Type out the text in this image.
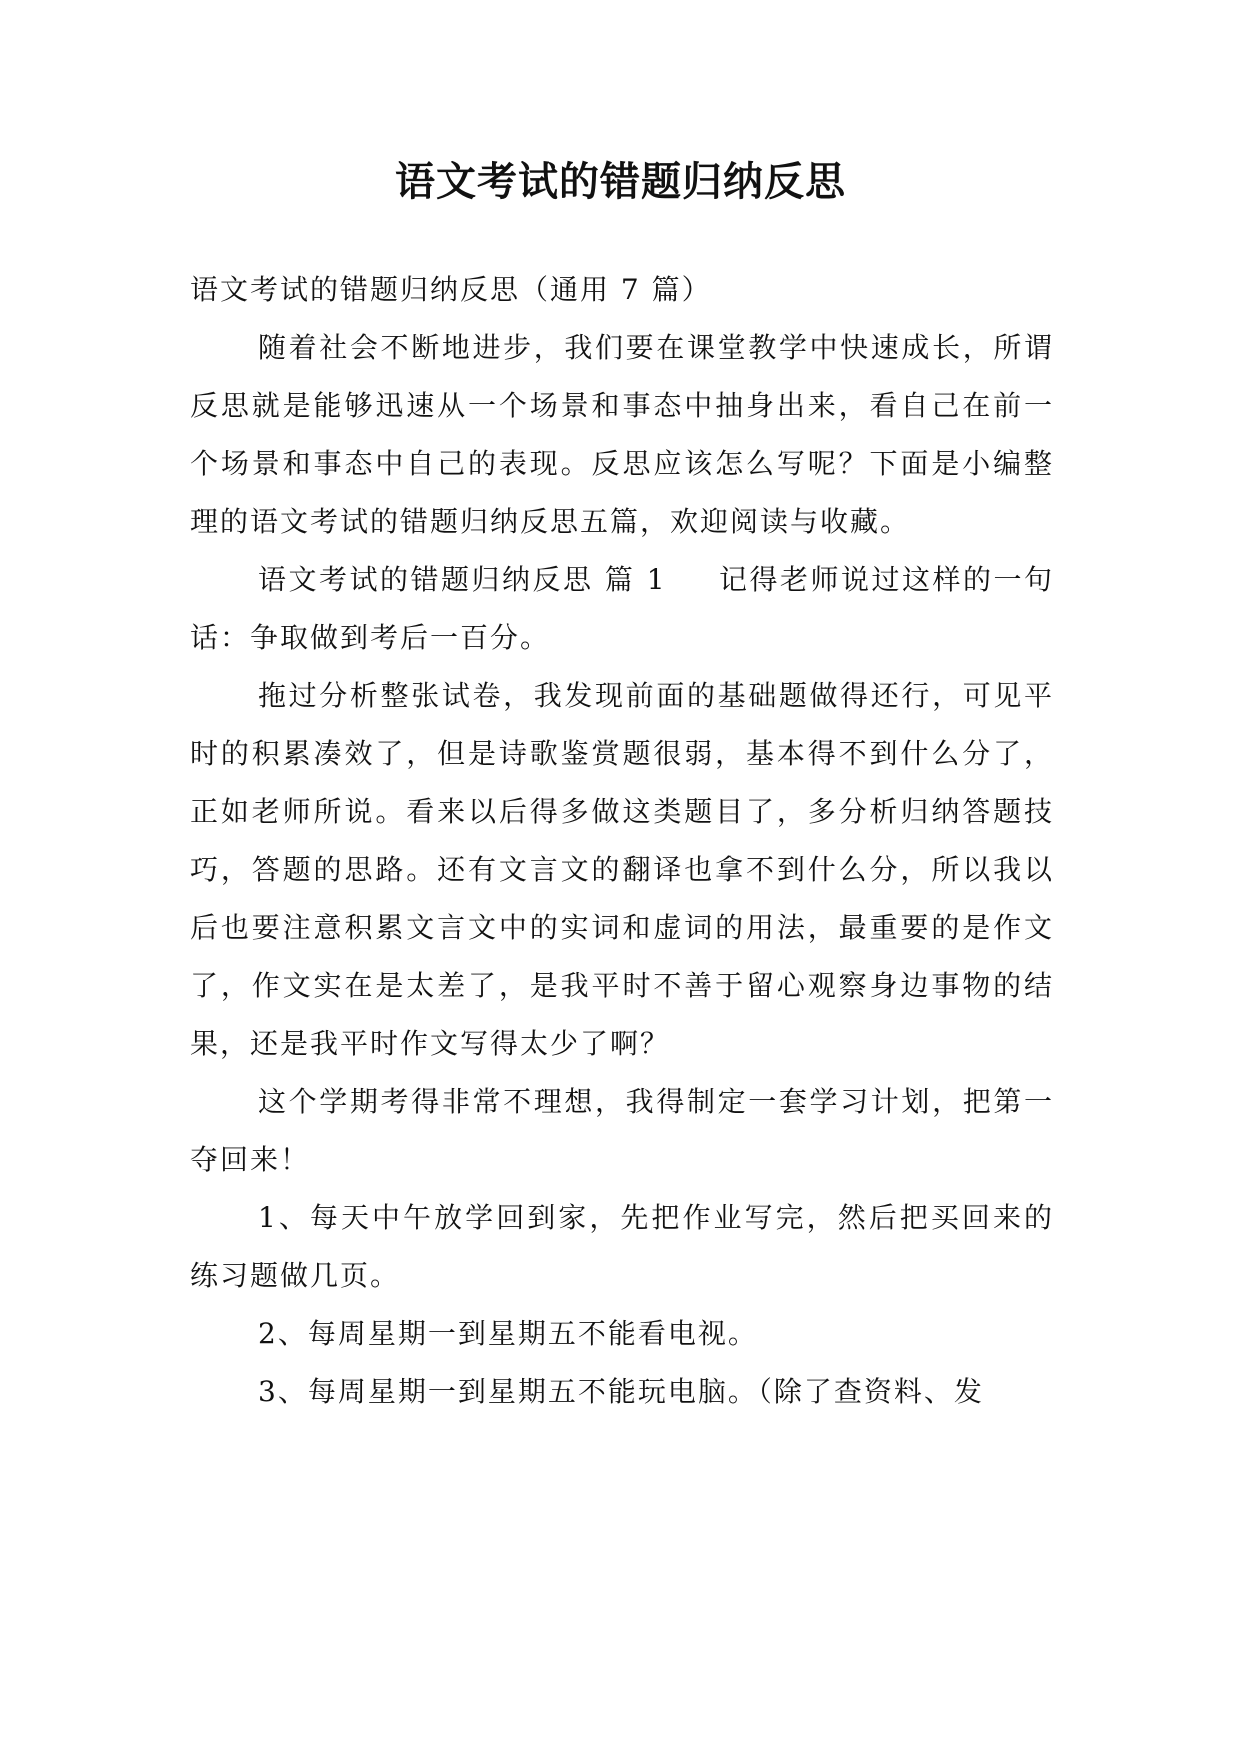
语文考试的错题归纳反思

语文考试的错题归纳反思（通用 7 篇）

随着社会不断地进步，我们要在课堂教学中快速成长，所谓反思就是能够迅速从一个场景和事态中抽身出来，看自己在前一个场景和事态中自己的表现。反思应该怎么写呢？下面是小编整理的语文考试的错题归纳反思五篇，欢迎阅读与收藏。

语文考试的错题归纳反思 篇 1 记得老师说过这样的一句话：争取做到考后一百分。

拖过分析整张试卷，我发现前面的基础题做得还行，可见平时的积累凑效了，但是诗歌鉴赏题很弱，基本得不到什么分了，正如老师所说。看来以后得多做这类题目了，多分析归纳答题技巧，答题的思路。还有文言文的翻译也拿不到什么分，所以我以后也要注意积累文言文中的实词和虚词的用法，最重要的是作文了，作文实在是太差了，是我平时不善于留心观察身边事物的结果，还是我平时作文写得太少了啊？

这个学期考得非常不理想，我得制定一套学习计划，把第一夺回来！

1、每天中午放学回到家，先把作业写完，然后把买回来的练习题做几页。

2、每周星期一到星期五不能看电视。

3、每周星期一到星期五不能玩电脑。（除了查资料、发
